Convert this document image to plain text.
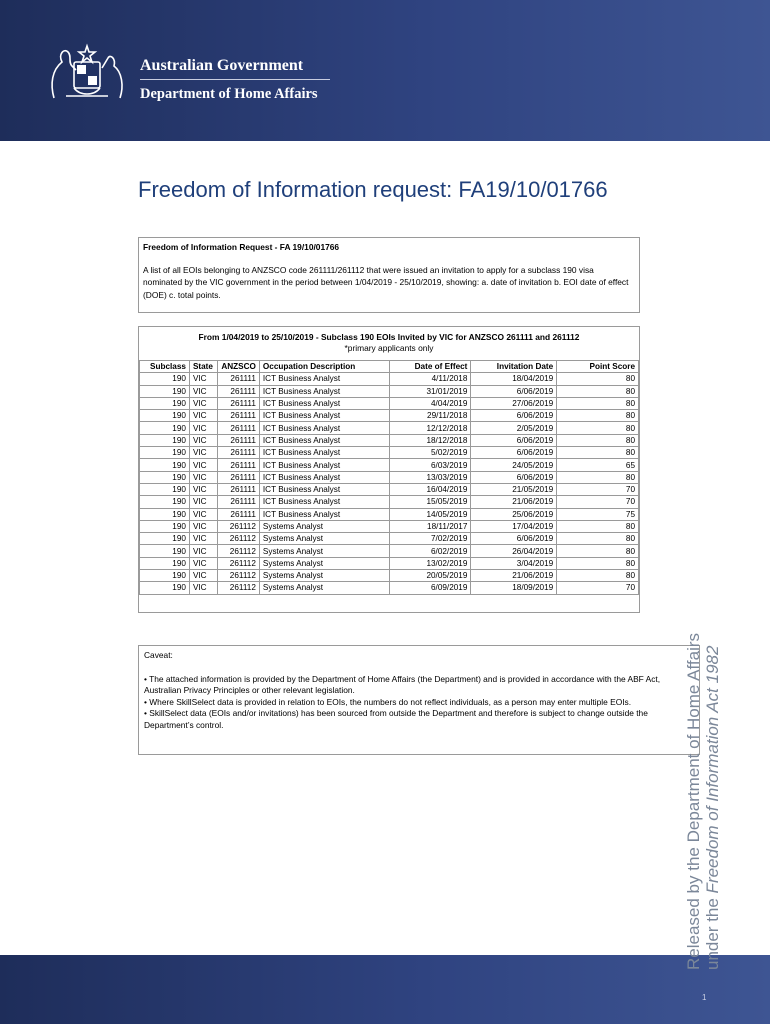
Australian Government
Department of Home Affairs
Freedom of Information request: FA19/10/01766
Freedom of Information Request - FA 19/10/01766
A list of all EOIs belonging to ANZSCO code 261111/261112 that were issued an invitation to apply for a subclass 190 visa nominated by the VIC government in the period between 1/04/2019 - 25/10/2019, showing: a. date of invitation b. EOI date of effect (DOE) c. total points.
From 1/04/2019 to 25/10/2019 - Subclass 190 EOIs Invited by VIC for ANZSCO 261111 and 261112
*primary applicants only
Subclass	State	ANZSCO	Occupation Description	Date of Effect	Invitation Date	Point Score
190	VIC	261111	ICT Business Analyst	4/11/2018	18/04/2019	80
190	VIC	261111	ICT Business Analyst	31/01/2019	6/06/2019	80
190	VIC	261111	ICT Business Analyst	4/04/2019	27/06/2019	80
190	VIC	261111	ICT Business Analyst	29/11/2018	6/06/2019	80
190	VIC	261111	ICT Business Analyst	12/12/2018	2/05/2019	80
190	VIC	261111	ICT Business Analyst	18/12/2018	6/06/2019	80
190	VIC	261111	ICT Business Analyst	5/02/2019	6/06/2019	80
190	VIC	261111	ICT Business Analyst	6/03/2019	24/05/2019	65
190	VIC	261111	ICT Business Analyst	13/03/2019	6/06/2019	80
190	VIC	261111	ICT Business Analyst	16/04/2019	21/05/2019	70
190	VIC	261111	ICT Business Analyst	15/05/2019	21/06/2019	70
190	VIC	261111	ICT Business Analyst	14/05/2019	25/06/2019	75
190	VIC	261112	Systems Analyst	18/11/2017	17/04/2019	80
190	VIC	261112	Systems Analyst	7/02/2019	6/06/2019	80
190	VIC	261112	Systems Analyst	6/02/2019	26/04/2019	80
190	VIC	261112	Systems Analyst	13/02/2019	3/04/2019	80
190	VIC	261112	Systems Analyst	20/05/2019	21/06/2019	80
190	VIC	261112	Systems Analyst	6/09/2019	18/09/2019	70

Caveat:

• The attached information is provided by the Department of Home Affairs (the Department) and is provided in accordance with the ABF Act, Australian Privacy Principles or other relevant legislation.

• Where SkillSelect data is provided in relation to EOIs, the numbers do not reflect individuals, as a person may enter multiple EOIs.

• SkillSelect data (EOIs and/or invitations) has been sourced from outside the Department and therefore is subject to change outside the Department’s control.

1
Released by the Department of Home Affairs under the Freedom of Information Act 1982
